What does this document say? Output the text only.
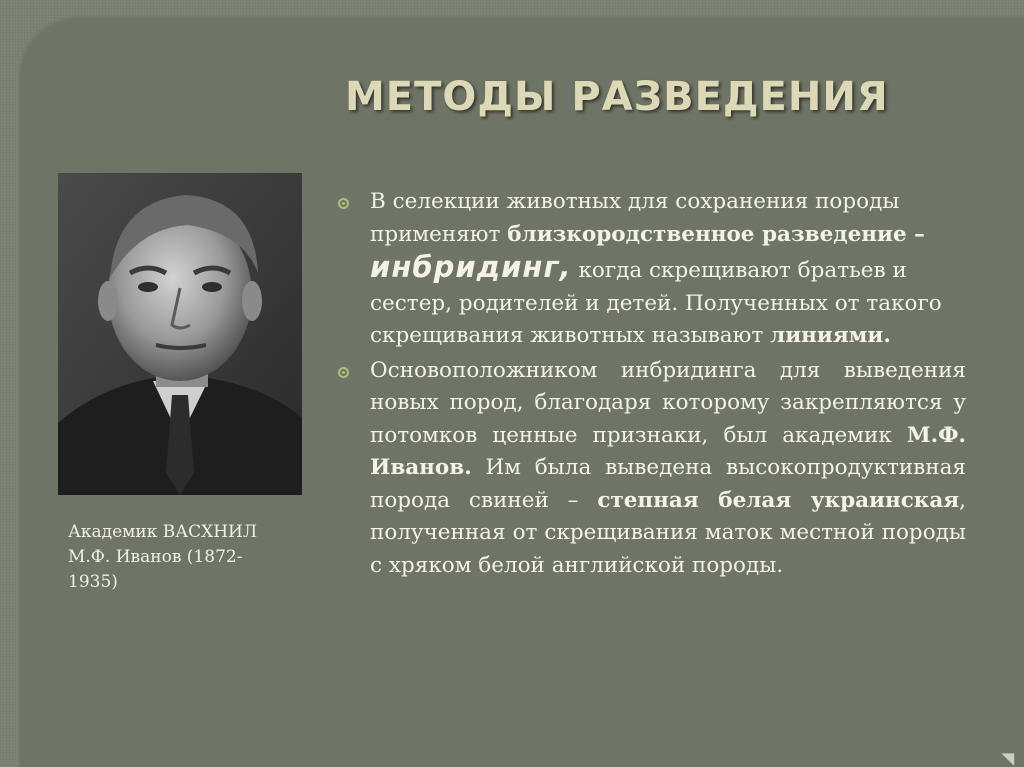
МЕТОДЫ РАЗВЕДЕНИЯ
Академик ВАСХНИЛ
М.Ф. Иванов (1872-
1935)

В селекции животных для сохранения породы применяют близкородственное разведение – инбридинг, когда скрещивают братьев и сестер, родителей и детей. Полученных от такого скрещивания животных называют линиями.

Основоположником инбридинга для выведения новых пород, благодаря которому закрепляются у потомков ценные признаки, был академик М.Ф. Иванов. Им была выведена высокопродуктивная порода свиней – степная белая украинская, полученная от скрещивания маток местной породы с хряком белой английской породы.
